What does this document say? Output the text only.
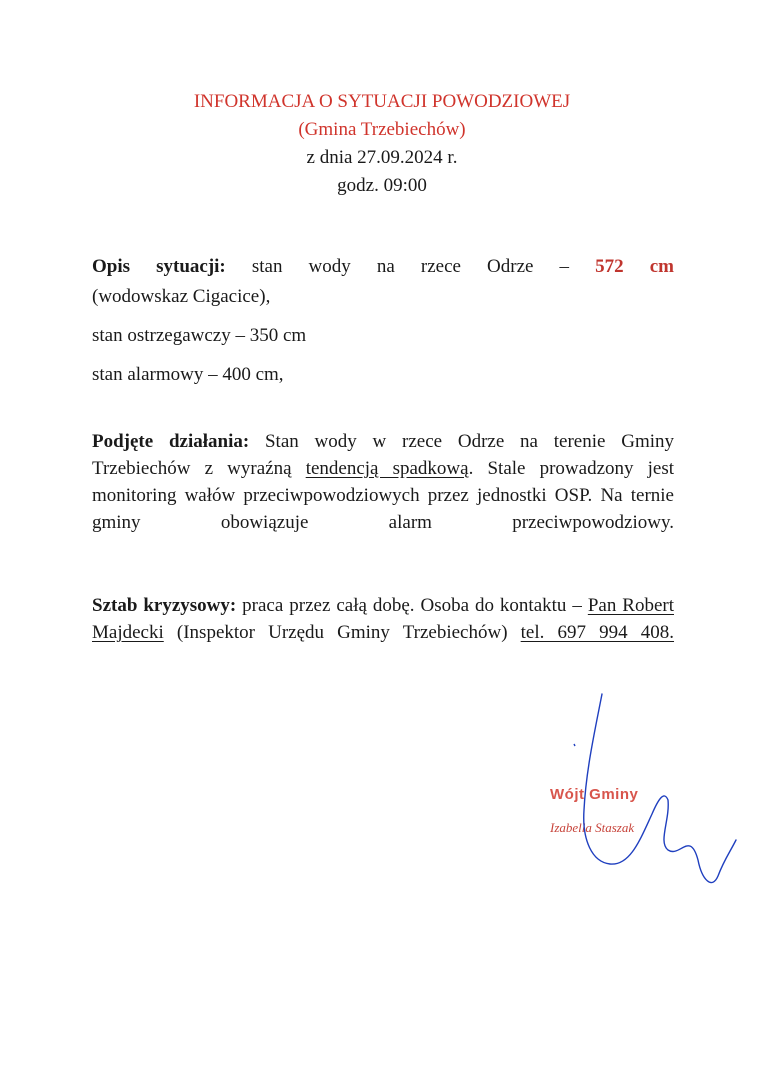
INFORMACJA O SYTUACJI POWODZIOWEJ
(Gmina Trzebiechów)
z dnia 27.09.2024 r.
godz. 09:00
Opis sytuacji: stan wody na rzece Odrze – 572 cm
(wodowskaz Cigacice),
stan ostrzegawczy – 350 cm
stan alarmowy – 400 cm,
Podjęte działania: Stan wody w rzece Odrze na terenie Gminy Trzebiechów z wyraźną tendencją spadkową. Stale prowadzony jest monitoring wałów przeciwpowodziowych przez jednostki OSP. Na ternie gminy obowiązuje alarm przeciwpowodziowy.
Sztab kryzysowy: praca przez całą dobę. Osoba do kontaktu – Pan Robert Majdecki (Inspektor Urzędu Gminy Trzebiechów) tel. 697 994 408.
Wójt Gminy
Izabella Staszak
